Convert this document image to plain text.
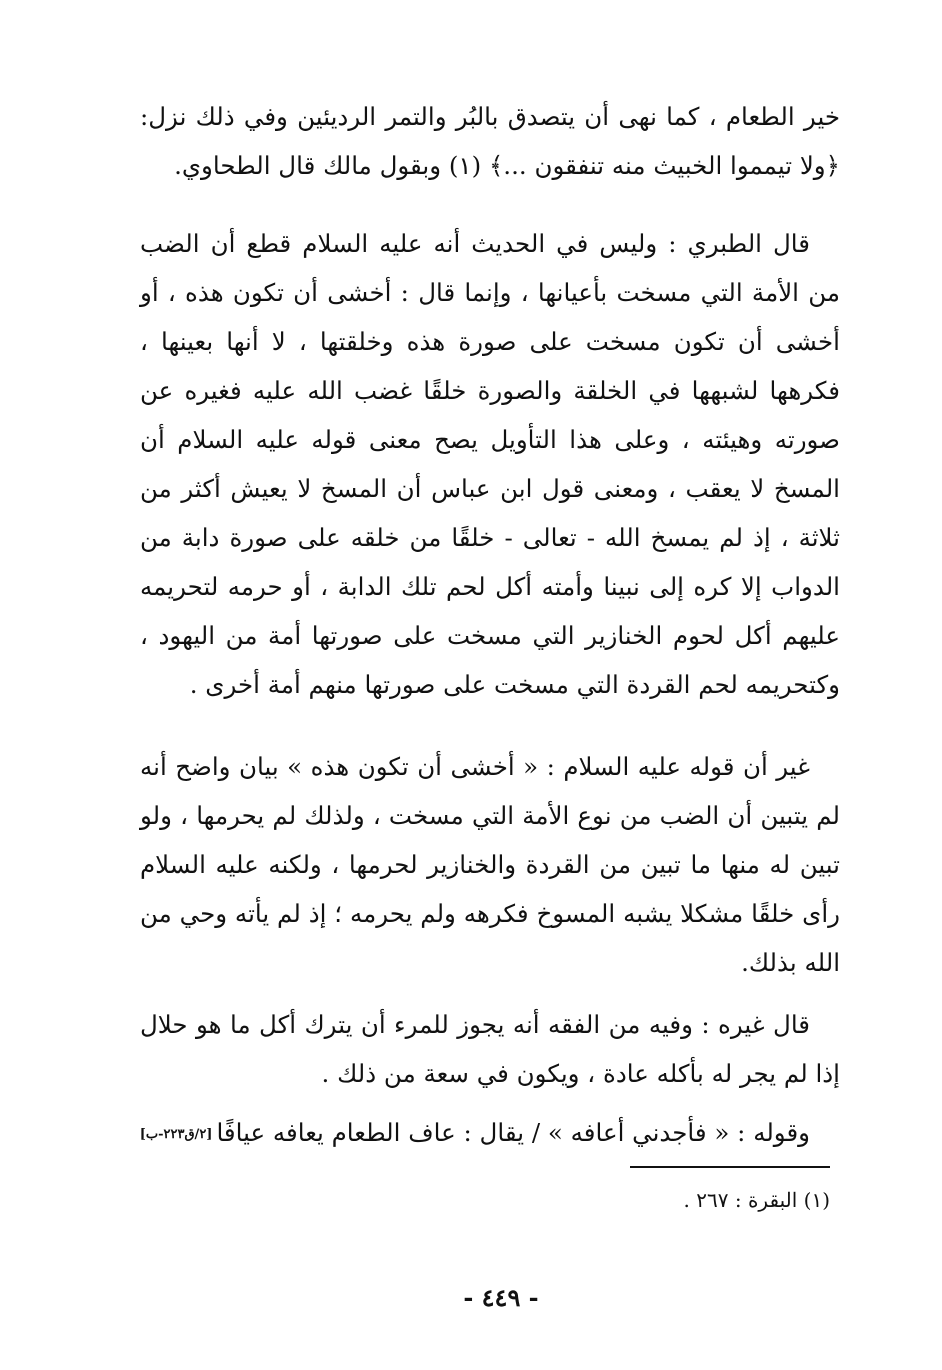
خير الطعام ، كما نهى أن يتصدق بالبُر والتمر الرديئين وفي ذلك نزل: ﴿ولا تيمموا الخبيث منه تنفقون ...﴾ (١) وبقول مالك قال الطحاوي.

قال الطبري : وليس في الحديث أنه عليه السلام قطع أن الضب من الأمة التي مسخت بأعيانها ، وإنما قال : أخشى أن تكون هذه ، أو أخشى أن تكون مسخت على صورة هذه وخلقتها ، لا أنها بعينها ، فكرهها لشبهها في الخلقة والصورة خلقًا غضب الله عليه فغيره عن صورته وهيئته ، وعلى هذا التأويل يصح معنى قوله عليه السلام أن المسخ لا يعقب ، ومعنى قول ابن عباس أن المسخ لا يعيش أكثر من ثلاثة ، إذ لم يمسخ الله - تعالى - خلقًا من خلقه على صورة دابة من الدواب إلا كره إلى نبينا وأمته أكل لحم تلك الدابة ، أو حرمه لتحريمه عليهم أكل لحوم الخنازير التي مسخت على صورتها أمة من اليهود ، وكتحريمه لحم القردة التي مسخت على صورتها منهم أمة أخرى .

غير أن قوله عليه السلام : « أخشى أن تكون هذه » بيان واضح أنه لم يتبين أن الضب من نوع الأمة التي مسخت ، ولذلك لم يحرمها ، ولو تبين له منها ما تبين من القردة والخنازير لحرمها ، ولكنه عليه السلام رأى خلقًا مشكلا يشبه المسوخ فكرهه ولم يحرمه ؛ إذ لم يأته وحي من الله بذلك.

قال غيره : وفيه من الفقه أنه يجوز للمرء أن يترك أكل ما هو حلال إذا لم يجر له بأكله عادة ، ويكون في سعة من ذلك .

وقوله : « فأجدني أعافه » / يقال : عاف الطعام يعافه عيافًا[٢/ق٢٢٣-ب]

(١) البقرة : ٢٦٧ .
- ٤٤٩ -
